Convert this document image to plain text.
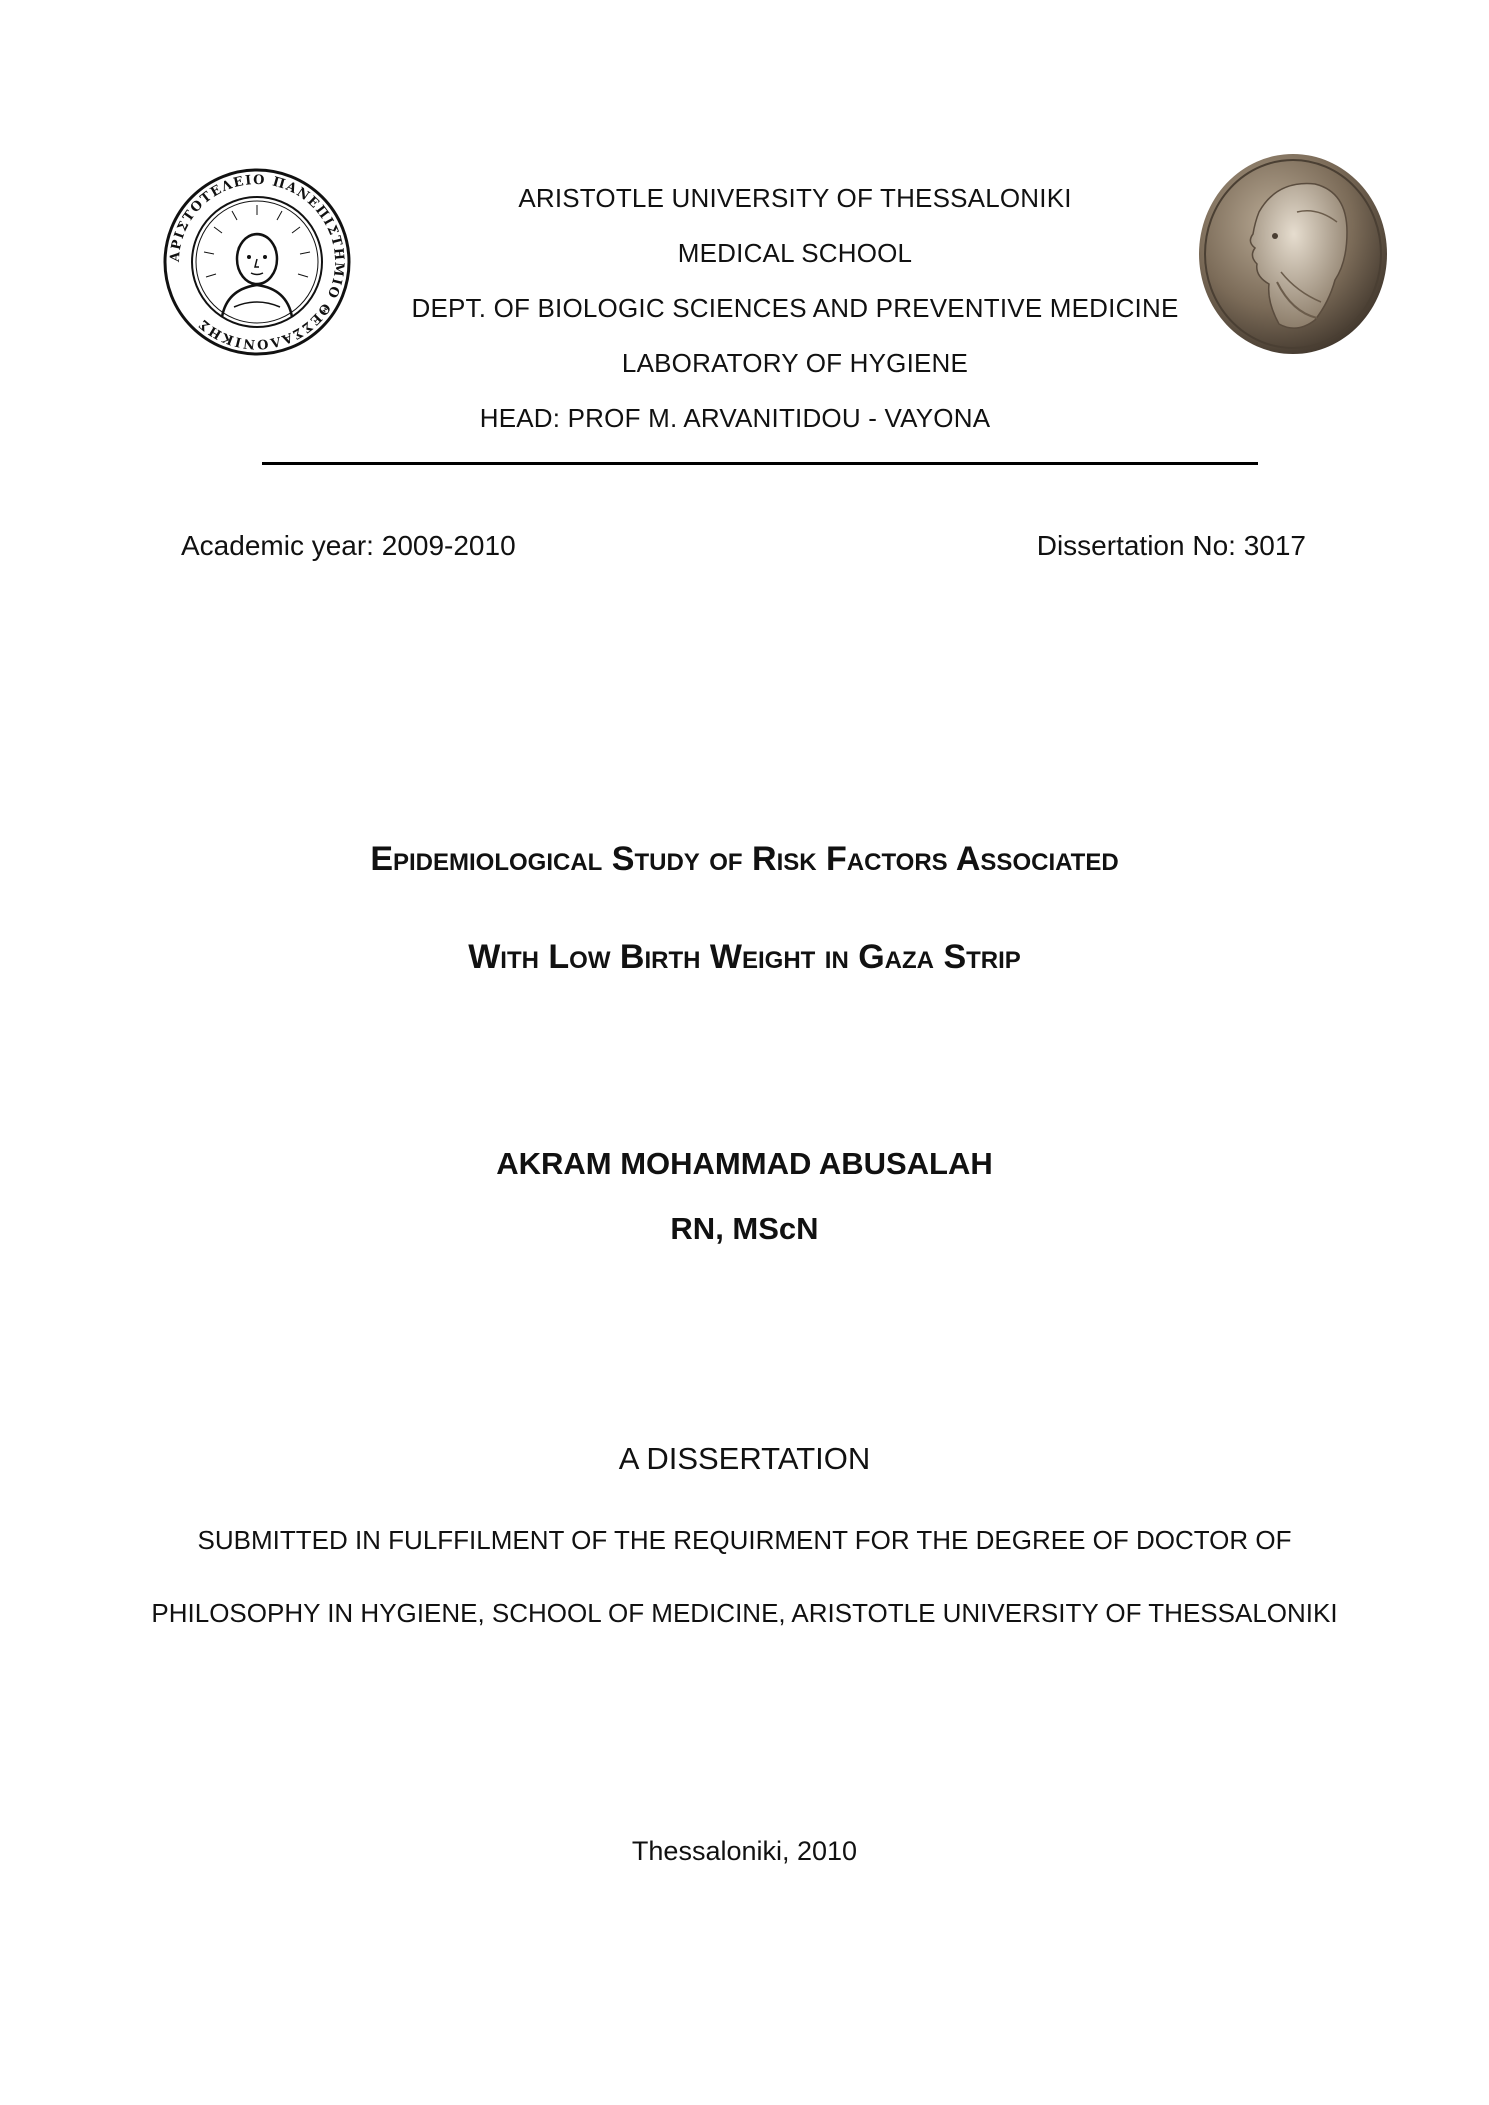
ΑΡΙΣΤΟΤΕΛΕΙΟ ΠΑΝΕΠΙΣΤΗΜΙΟ ΘΕΣΣΑΛΟΝΙΚΗΣ
ARISTOTLE UNIVERSITY OF THESSALONIKI
MEDICAL SCHOOL
DEPT. OF BIOLOGIC SCIENCES AND PREVENTIVE MEDICINE
LABORATORY OF HYGIENE
HEAD: PROF M. ARVANITIDOU - VAYONA
Academic year: 2009-2010	Dissertation No: 3017
Epidemiological Study of Risk Factors Associated
With Low Birth Weight in Gaza Strip
AKRAM MOHAMMAD ABUSALAH
RN, MScN
A DISSERTATION
SUBMITTED IN FULFFILMENT OF THE REQUIRMENT FOR THE DEGREE OF DOCTOR OF
PHILOSOPHY IN HYGIENE, SCHOOL OF MEDICINE, ARISTOTLE UNIVERSITY OF THESSALONIKI
Thessaloniki, 2010
